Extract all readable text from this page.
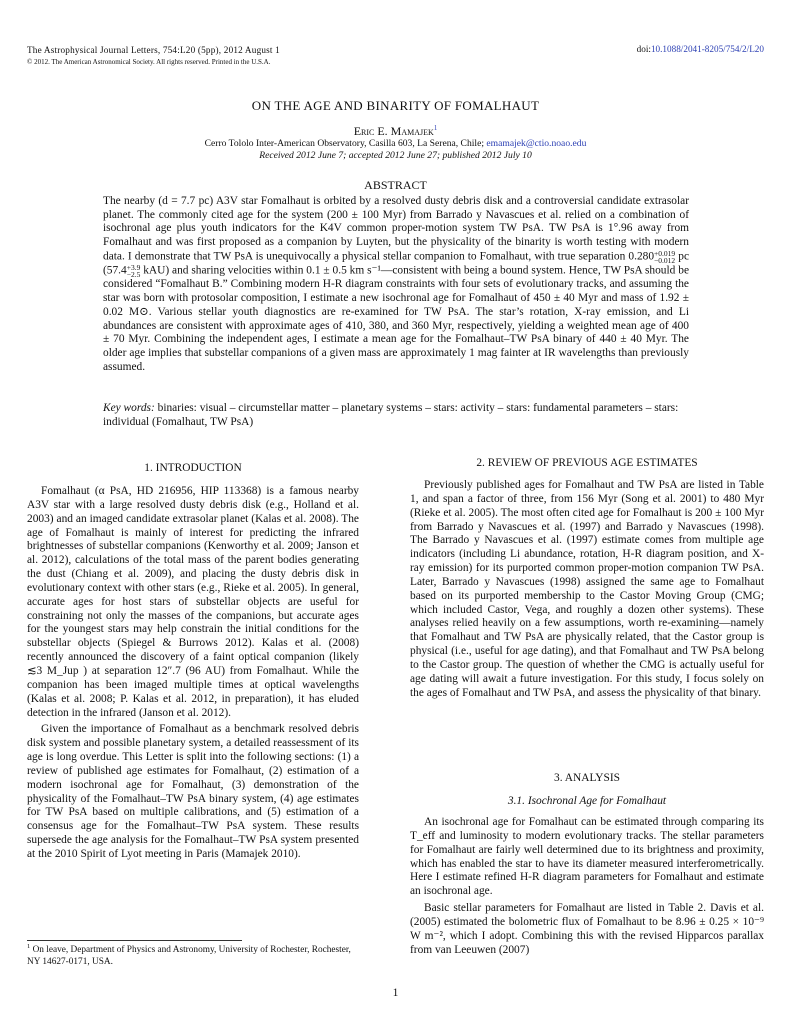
The Astrophysical Journal Letters, 754:L20 (5pp), 2012 August 1
© 2012. The American Astronomical Society. All rights reserved. Printed in the U.S.A.
doi:10.1088/2041-8205/754/2/L20
ON THE AGE AND BINARITY OF FOMALHAUT
Eric E. Mamajek$^1$
Cerro Tololo Inter-American Observatory, Casilla 603, La Serena, Chile; emamajek@ctio.noao.edu
Received 2012 June 7; accepted 2012 June 27; published 2012 July 10
ABSTRACT
The nearby (d = 7.7 pc) A3V star Fomalhaut is orbited by a resolved dusty debris disk and a controversial candidate extrasolar planet. The commonly cited age for the system (200 ± 100 Myr) from Barrado y Navascues et al. relied on a combination of isochronal age plus youth indicators for the K4V common proper-motion system TW PsA. TW PsA is 1°.96 away from Fomalhaut and was first proposed as a companion by Luyten, but the physicality of the binarity is worth testing with modern data. I demonstrate that TW PsA is unequivocally a physical stellar companion to Fomalhaut, with true separation 0.280 +0.019
−0.012 pc (57.4 +3.9
−2.5 kAU) and sharing velocities within 0.1 ± 0.5 km s⁻¹—consistent with being a bound system. Hence, TW PsA should be considered “Fomalhaut B.” Combining modern H-R diagram constraints with four sets of evolutionary tracks, and assuming the star was born with protosolar composition, I estimate a new isochronal age for Fomalhaut of 450 ± 40 Myr and mass of 1.92 ± 0.02 M⊙. Various stellar youth diagnostics are re-examined for TW PsA. The star’s rotation, X-ray emission, and Li abundances are consistent with approximate ages of 410, 380, and 360 Myr, respectively, yielding a weighted mean age of 400 ± 70 Myr. Combining the independent ages, I estimate a mean age for the Fomalhaut–TW PsA binary of 440 ± 40 Myr. The older age implies that substellar companions of a given mass are approximately 1 mag fainter at IR wavelengths than previously assumed.
Key words: binaries: visual – circumstellar matter – planetary systems – stars: activity – stars: fundamental parameters – stars: individual (Fomalhaut, TW PsA)
1. INTRODUCTION

Fomalhaut (α PsA, HD 216956, HIP 113368) is a famous nearby A3V star with a large resolved dusty debris disk (e.g., Holland et al. 2003) and an imaged candidate extrasolar planet (Kalas et al. 2008). The age of Fomalhaut is mainly of interest for predicting the infrared brightnesses of substellar companions (Kenworthy et al. 2009; Janson et al. 2012), calculations of the total mass of the parent bodies generating the dust (Chiang et al. 2009), and placing the dusty debris disk in evolutionary context with other stars (e.g., Rieke et al. 2005). In general, accurate ages for host stars of substellar objects are useful for constraining not only the masses of the companions, but accurate ages for the youngest stars may help constrain the initial conditions for the substellar objects (Spiegel & Burrows 2012). Kalas et al. (2008) recently announced the discovery of a faint optical companion (likely ≲3 M_Jup ) at separation 12″.7 (96 AU) from Fomalhaut. While the companion has been imaged multiple times at optical wavelengths (Kalas et al. 2008; P. Kalas et al. 2012, in preparation), it has eluded detection in the infrared (Janson et al. 2012).

Given the importance of Fomalhaut as a benchmark resolved debris disk system and possible planetary system, a detailed reassessment of its age is long overdue. This Letter is split into the following sections: (1) a review of published age estimates for Fomalhaut, (2) estimation of a modern isochronal age for Fomalhaut, (3) demonstration of the physicality of the Fomalhaut–TW PsA binary system, (4) age estimates for TW PsA based on multiple calibrations, and (5) estimation of a consensus age for the Fomalhaut–TW PsA system. These results supersede the age analysis for the Fomalhaut–TW PsA system presented at the 2010 Spirit of Lyot meeting in Paris (Mamajek 2010).

2. REVIEW OF PREVIOUS AGE ESTIMATES

Previously published ages for Fomalhaut and TW PsA are listed in Table 1, and span a factor of three, from 156 Myr (Song et al. 2001) to 480 Myr (Rieke et al. 2005). The most often cited age for Fomalhaut is 200 ± 100 Myr from Barrado y Navascues et al. (1997) and Barrado y Navascues (1998). The Barrado y Navascues et al. (1997) estimate comes from multiple age indicators (including Li abundance, rotation, H-R diagram position, and X-ray emission) for its purported common proper-motion companion TW PsA. Later, Barrado y Navascues (1998) assigned the same age to Fomalhaut based on its purported membership to the Castor Moving Group (CMG; which included Castor, Vega, and roughly a dozen other systems). These analyses relied heavily on a few assumptions, worth re-examining—namely that Fomalhaut and TW PsA are physically related, that the Castor group is physical (i.e., useful for age dating), and that Fomalhaut and TW PsA belong to the Castor group. The question of whether the CMG is actually useful for age dating will await a future investigation. For this study, I focus solely on the ages of Fomalhaut and TW PsA, and assess the physicality of that binary.

3. ANALYSIS
3.1. Isochronal Age for Fomalhaut

An isochronal age for Fomalhaut can be estimated through comparing its T_eff and luminosity to modern evolutionary tracks. The stellar parameters for Fomalhaut are fairly well determined due to its brightness and proximity, which has enabled the star to have its diameter measured interferometrically. Here I estimate refined H-R diagram parameters for Fomalhaut and estimate an isochronal age.

Basic stellar parameters for Fomalhaut are listed in Table 2. Davis et al. (2005) estimated the bolometric flux of Fomalhaut to be 8.96 ± 0.25 × 10⁻⁹ W m⁻², which I adopt. Combining this with the revised Hipparcos parallax from van Leeuwen (2007)

$^1$ On leave, Department of Physics and Astronomy, University of Rochester, Rochester, NY 14627-0171, USA.
1
